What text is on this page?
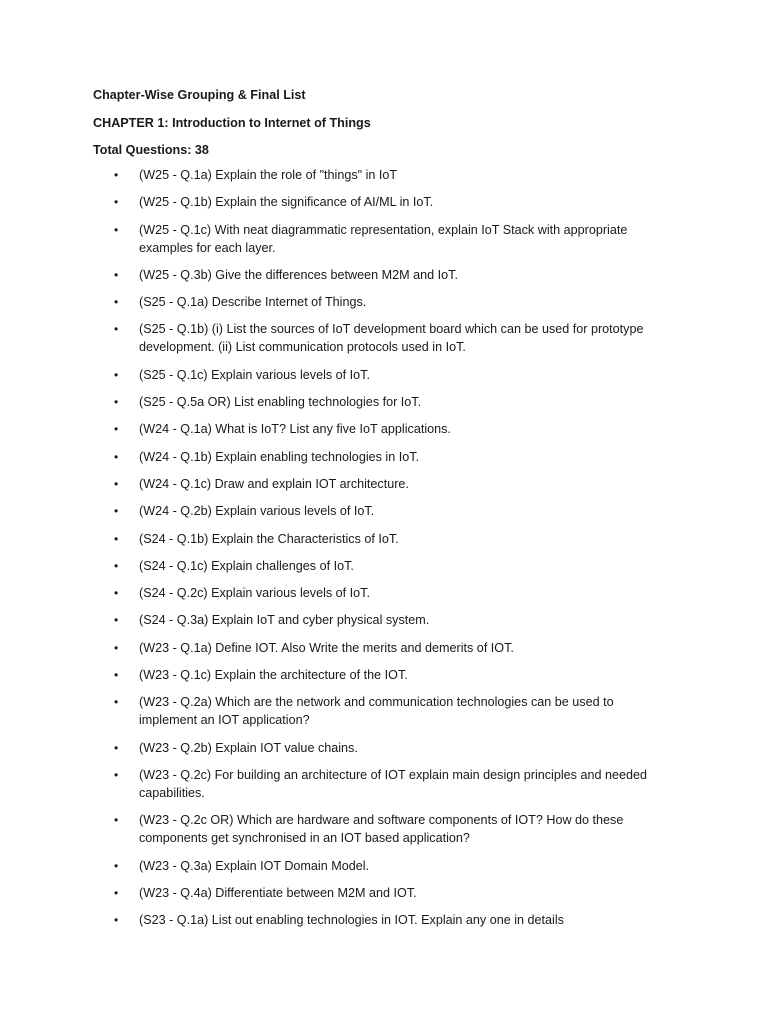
Chapter-Wise Grouping & Final List
CHAPTER 1: Introduction to Internet of Things
Total Questions: 38
• (W25 - Q.1a) Explain the role of "things" in IoT
• (W25 - Q.1b) Explain the significance of AI/ML in IoT.
• (W25 - Q.1c) With neat diagrammatic representation, explain IoT Stack with appropriate examples for each layer.
• (W25 - Q.3b) Give the differences between M2M and IoT.
• (S25 - Q.1a) Describe Internet of Things.
• (S25 - Q.1b) (i) List the sources of IoT development board which can be used for prototype development. (ii) List communication protocols used in IoT.
• (S25 - Q.1c) Explain various levels of IoT.
• (S25 - Q.5a OR) List enabling technologies for IoT.
• (W24 - Q.1a) What is IoT? List any five IoT applications.
• (W24 - Q.1b) Explain enabling technologies in IoT.
• (W24 - Q.1c) Draw and explain IOT architecture.
• (W24 - Q.2b) Explain various levels of IoT.
• (S24 - Q.1b) Explain the Characteristics of IoT.
• (S24 - Q.1c) Explain challenges of IoT.
• (S24 - Q.2c) Explain various levels of IoT.
• (S24 - Q.3a) Explain IoT and cyber physical system.
• (W23 - Q.1a) Define IOT. Also Write the merits and demerits of IOT.
• (W23 - Q.1c) Explain the architecture of the IOT.
• (W23 - Q.2a) Which are the network and communication technologies can be used to implement an IOT application?
• (W23 - Q.2b) Explain IOT value chains.
• (W23 - Q.2c) For building an architecture of IOT explain main design principles and needed capabilities.
• (W23 - Q.2c OR) Which are hardware and software components of IOT? How do these components get synchronised in an IOT based application?
• (W23 - Q.3a) Explain IOT Domain Model.
• (W23 - Q.4a) Differentiate between M2M and IOT.
• (S23 - Q.1a) List out enabling technologies in IOT. Explain any one in details
